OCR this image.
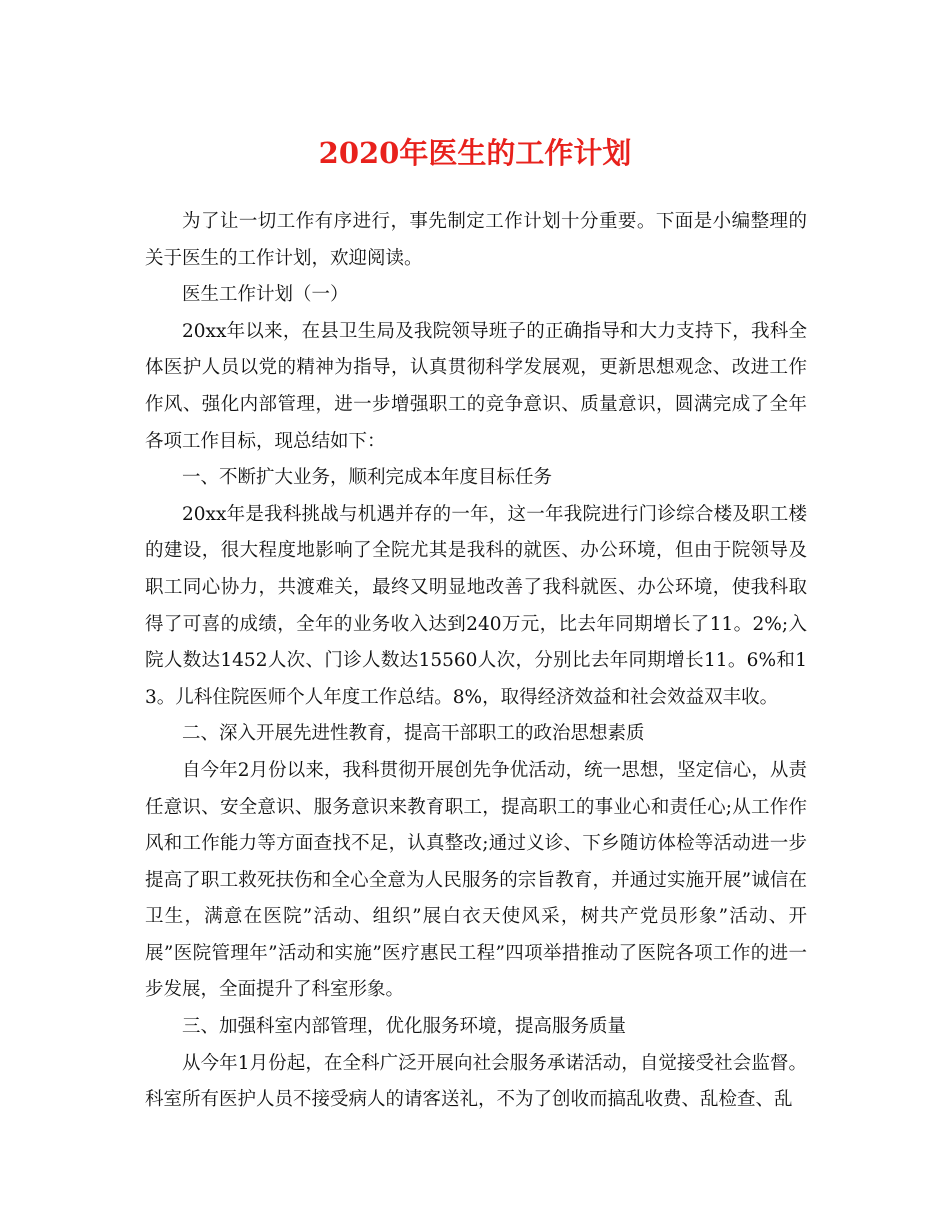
2020年医生的工作计划

为了让一切工作有序进行，事先制定工作计划十分重要。下面是小编整理的关于医生的工作计划，欢迎阅读。

医生工作计划（一）

20xx年以来，在县卫生局及我院领导班子的正确指导和大力支持下，我科全体医护人员以党的精神为指导，认真贯彻科学发展观，更新思想观念、改进工作作风、强化内部管理，进一步增强职工的竞争意识、质量意识，圆满完成了全年各项工作目标，现总结如下：

一、不断扩大业务，顺利完成本年度目标任务

20xx年是我科挑战与机遇并存的一年，这一年我院进行门诊综合楼及职工楼的建设，很大程度地影响了全院尤其是我科的就医、办公环境，但由于院领导及职工同心协力，共渡难关，最终又明显地改善了我科就医、办公环境，使我科取得了可喜的成绩，全年的业务收入达到240万元，比去年同期增长了11。2%;入院人数达1452人次、门诊人数达15560人次，分别比去年同期增长11。6%和13。儿科住院医师个人年度工作总结。8%，取得经济效益和社会效益双丰收。

二、深入开展先进性教育，提高干部职工的政治思想素质

自今年2月份以来，我科贯彻开展创先争优活动，统一思想，坚定信心，从责任意识、安全意识、服务意识来教育职工，提高职工的事业心和责任心;从工作作风和工作能力等方面查找不足，认真整改;通过义诊、下乡随访体检等活动进一步提高了职工救死扶伤和全心全意为人民服务的宗旨教育，并通过实施开展”诚信在卫生，满意在医院”活动、组织”展白衣天使风采，树共产党员形象”活动、开展”医院管理年”活动和实施”医疗惠民工程”四项举措推动了医院各项工作的进一步发展，全面提升了科室形象。

三、加强科室内部管理，优化服务环境，提高服务质量

从今年1月份起，在全科广泛开展向社会服务承诺活动，自觉接受社会监督。科室所有医护人员不接受病人的请客送礼，不为了创收而搞乱收费、乱检查、乱
